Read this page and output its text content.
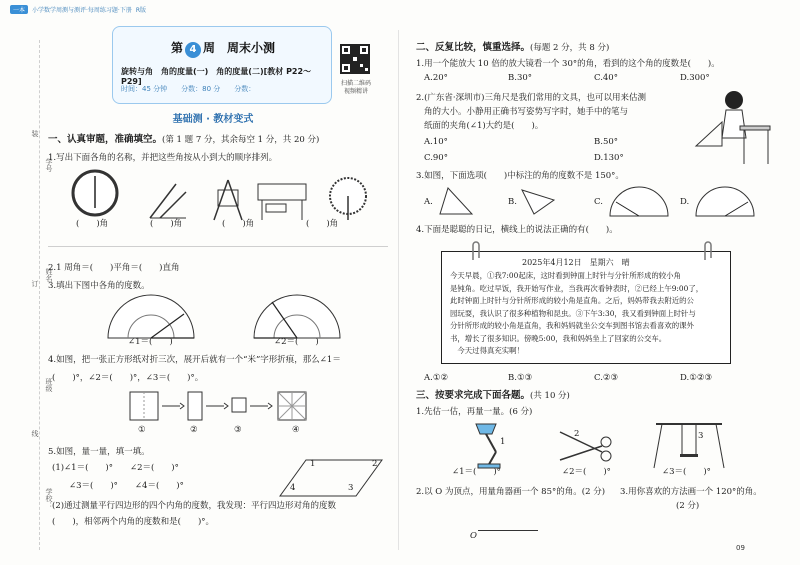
一本	小学数学周测与测评·每周练习题·下册 R版
学号
姓名
班级
学校：
装
订
线
第 4 周　 周末小测
旋转与角　角的度量(一)　角的度量(二)[教材 P22～P29]
时间：45 分钟 分数：80 分 分数：
扫描二维码
视频精讲
基础测 · 教材变式
一、认真审题，准确填空。(第 1 题 7 分，其余每空 1 分，共 20 分)
1.写出下面各角的名称，并把这些角按从小到大的顺序排列。
(　　)角	(　　)角	(　　)角	(　　)角
2.1 周角＝(　　)平角＝(　　)直角
3.填出下图中各角的度数。
∠1＝(　　)	∠2＝(　　)
4.如图，把一张正方形纸对折三次，展开后就有一个“米”字形折痕，那么∠1＝
(　　)°，∠2＝(　　)°，∠3＝(　　)°。
①	②	③	④
5.如图，量一量，填一填。
(1)∠1＝(　　)°　　∠2＝(　　)°
　　∠3＝(　　)°　　∠4＝(　　)°
1	2
3
4
(2)通过测量平行四边形的四个内角的度数，我发现：平行四边形对角的度数
(　　)，相邻两个内角的度数和是(　　)°。
二、反复比较，慎重选择。(每题 2 分，共 8 分)
1.用一个能放大 10 倍的放大镜看一个 30°的角，看到的这个角的度数是(　　)。
A.20°	B.30°	C.40°	D.300°
2.(广东省·深圳市)三角尺是我们常用的文具，也可以用来估测
角的大小。小静用正确书写姿势写字时，她手中的笔与
纸面的夹角(∠1)大约是(　　)。
A.10°	B.50°
C.90°	D.130°
3.如图，下面选项(　　)中标注的角的度数不是 150°。
A.	B.	C.	D.
4.下面是聪聪的日记，横线上的说法正确的有(　　)。
2025年4月12日　星期六　晴
今天早晨，①我7:00起床，这时看到钟面上时针与分针所形成的较小角
是钝角。吃过早饭，我开始写作业，当我再次看钟表时，②已经上午9:00了，
此时钟面上时针与分针所形成的较小角是直角。之后，妈妈带我去附近的公
园玩耍，我认识了很多种植物和昆虫。③下午3:30，我又看到钟面上时针与
分针所形成的较小角是直角，我和妈妈就坐公交车到图书馆去看喜欢的课外
书，增长了很多知识。傍晚5:00，我和妈妈坐上了回家的公交车。
　今天过得真充实啊！
A.①②	B.①③	C.②③	D.①②③
三、按要求完成下面各题。(共 10 分)
1.先估一估，再量一量。(6 分)
1
2	3
∠1＝(　　)°	∠2＝(　　)°	∠3＝(　　)°
2.以 O 为顶点，用量角器画一个 85°的角。(2 分)	3.用你喜欢的方法画一个 120°的角。
(2 分)
O
09
